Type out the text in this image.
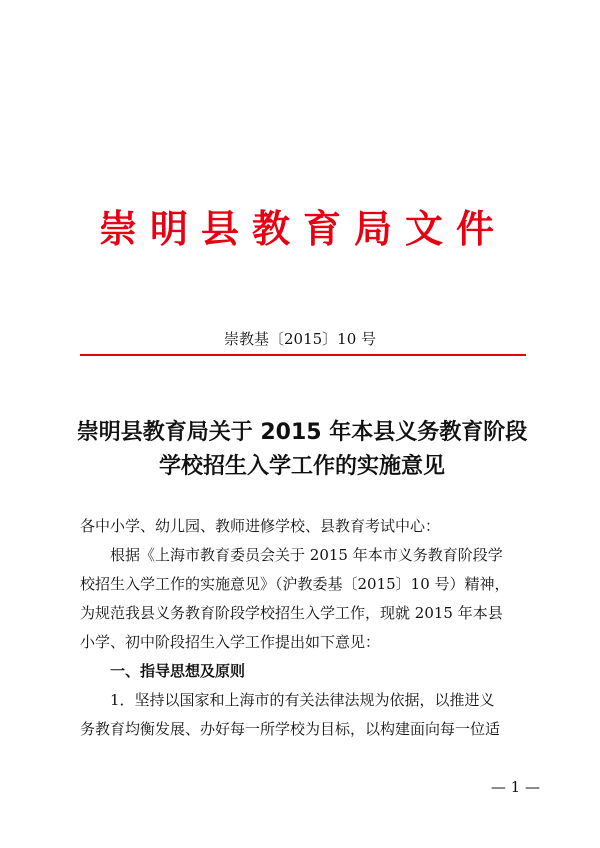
崇明县教育局文件
崇教基〔2015〕10 号
崇明县教育局关于 2015 年本县义务教育阶段
学校招生入学工作的实施意见
各中小学、幼儿园、教师进修学校、县教育考试中心：
根据《上海市教育委员会关于 2015 年本市义务教育阶段学
校招生入学工作的实施意见》（沪教委基〔2015〕10 号）精神，
为规范我县义务教育阶段学校招生入学工作，现就 2015 年本县
小学、初中阶段招生入学工作提出如下意见：
一、指导思想及原则
1．坚持以国家和上海市的有关法律法规为依据，以推进义
务教育均衡发展、办好每一所学校为目标，以构建面向每一位适
— 1 —
